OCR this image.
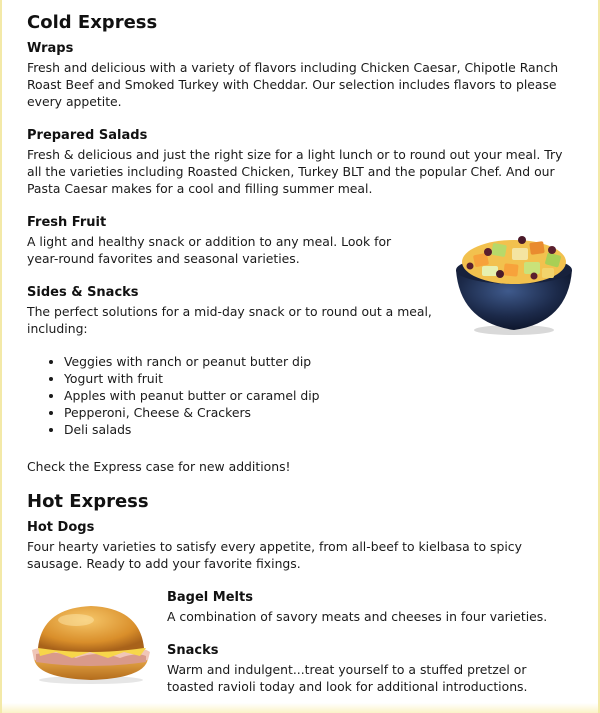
Cold Express
Wraps

Fresh and delicious with a variety of flavors including Chicken Caesar, Chipotle Ranch

Roast Beef and Smoked Turkey with Cheddar. Our selection includes flavors to please

every appetite.

Prepared Salads

Fresh & delicious and just the right size for a light lunch or to round out your meal. Try

all the varieties including Roasted Chicken, Turkey BLT and the popular Chef. And our

Pasta Caesar makes for a cool and filling summer meal.

Fresh Fruit

A light and healthy snack or addition to any meal. Look for

year-round favorites and seasonal varieties.

Sides & Snacks

The perfect solutions for a mid-day snack or to round out a meal,

including:

• Veggies with ranch or peanut butter dip
• Yogurt with fruit
• Apples with peanut butter or caramel dip
• Pepperoni, Cheese & Crackers
• Deli salads

Check the Express case for new additions!

Hot Express
Hot Dogs

Four hearty varieties to satisfy every appetite, from all-beef to kielbasa to spicy

sausage. Ready to add your favorite fixings.

Bagel Melts

A combination of savory meats and cheeses in four varieties.

Snacks

Warm and indulgent...treat yourself to a stuffed pretzel or

toasted ravioli today and look for additional introductions.
